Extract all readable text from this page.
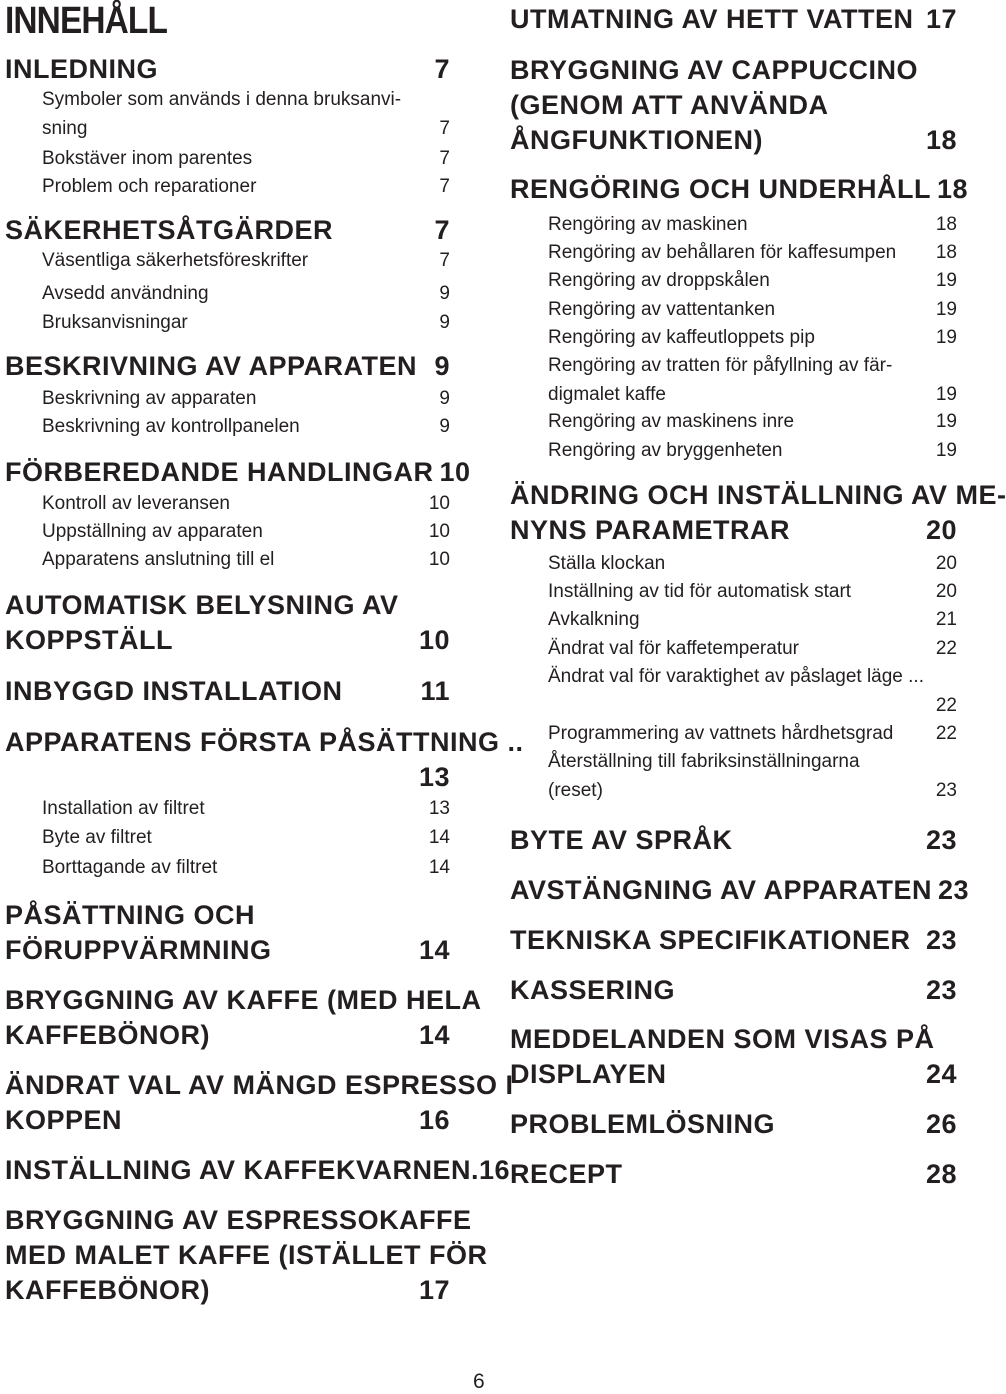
INNEHÅLL
INLEDNING	7
Symboler som används i denna bruksanvi-
sning	7
Bokstäver inom parentes	7
Problem och reparationer	7
SÄKERHETSÅTGÄRDER	7
Väsentliga säkerhetsföreskrifter	7
Avsedd användning	9
Bruksanvisningar	9
BESKRIVNING AV APPARATEN 9
Beskrivning av apparaten	9
Beskrivning av kontrollpanelen	9
FÖRBEREDANDE HANDLINGAR 10
Kontroll av leveransen	10
Uppställning av apparaten	10
Apparatens anslutning till el	10
AUTOMATISK BELYSNING AV
KOPPSTÄLL	10
INBYGGD INSTALLATION	11
APPARATENS FÖRSTA PÅSÄTTNING ..
13
Installation av filtret	13
Byte av filtret	14
Borttagande av filtret	14
PÅSÄTTNING OCH
FÖRUPPVÄRMNING	14
BRYGGNING AV KAFFE (MED HELA
KAFFEBÖNOR)	14
ÄNDRAT VAL AV MÄNGD ESPRESSO I
KOPPEN	16
INSTÄLLNING AV KAFFEKVARNEN .16
BRYGGNING AV ESPRESSOKAFFE
MED MALET KAFFE (ISTÄLLET FÖR
KAFFEBÖNOR)	17
UTMATNING AV HETT VATTEN 17
BRYGGNING AV CAPPUCCINO
(GENOM ATT ANVÄNDA
ÅNGFUNKTIONEN)	18
RENGÖRING OCH UNDERHÅLL 18
Rengöring av maskinen	18
Rengöring av behållaren för kaffesumpen 18
Rengöring av droppskålen	19
Rengöring av vattentanken	19
Rengöring av kaffeutloppets pip	19
Rengöring av tratten för påfyllning av fär-
digmalet kaffe	19
Rengöring av maskinens inre	19
Rengöring av bryggenheten	19
ÄNDRING OCH INSTÄLLNING AV ME-
NYNS PARAMETRAR	20
Ställa klockan	20
Inställning av tid för automatisk start	20
Avkalkning	21
Ändrat val för kaffetemperatur	22
Ändrat val för varaktighet av påslaget läge ...
22
Programmering av vattnets hårdhetsgrad 22
Återställning till fabriksinställningarna
(reset)	23
BYTE AV SPRÅK	23
AVSTÄNGNING AV APPARATEN 23
TEKNISKA SPECIFIKATIONER 23
KASSERING	23
MEDDELANDEN SOM VISAS PÅ
DISPLAYEN	24
PROBLEMLÖSNING	26
RECEPT	28
6
